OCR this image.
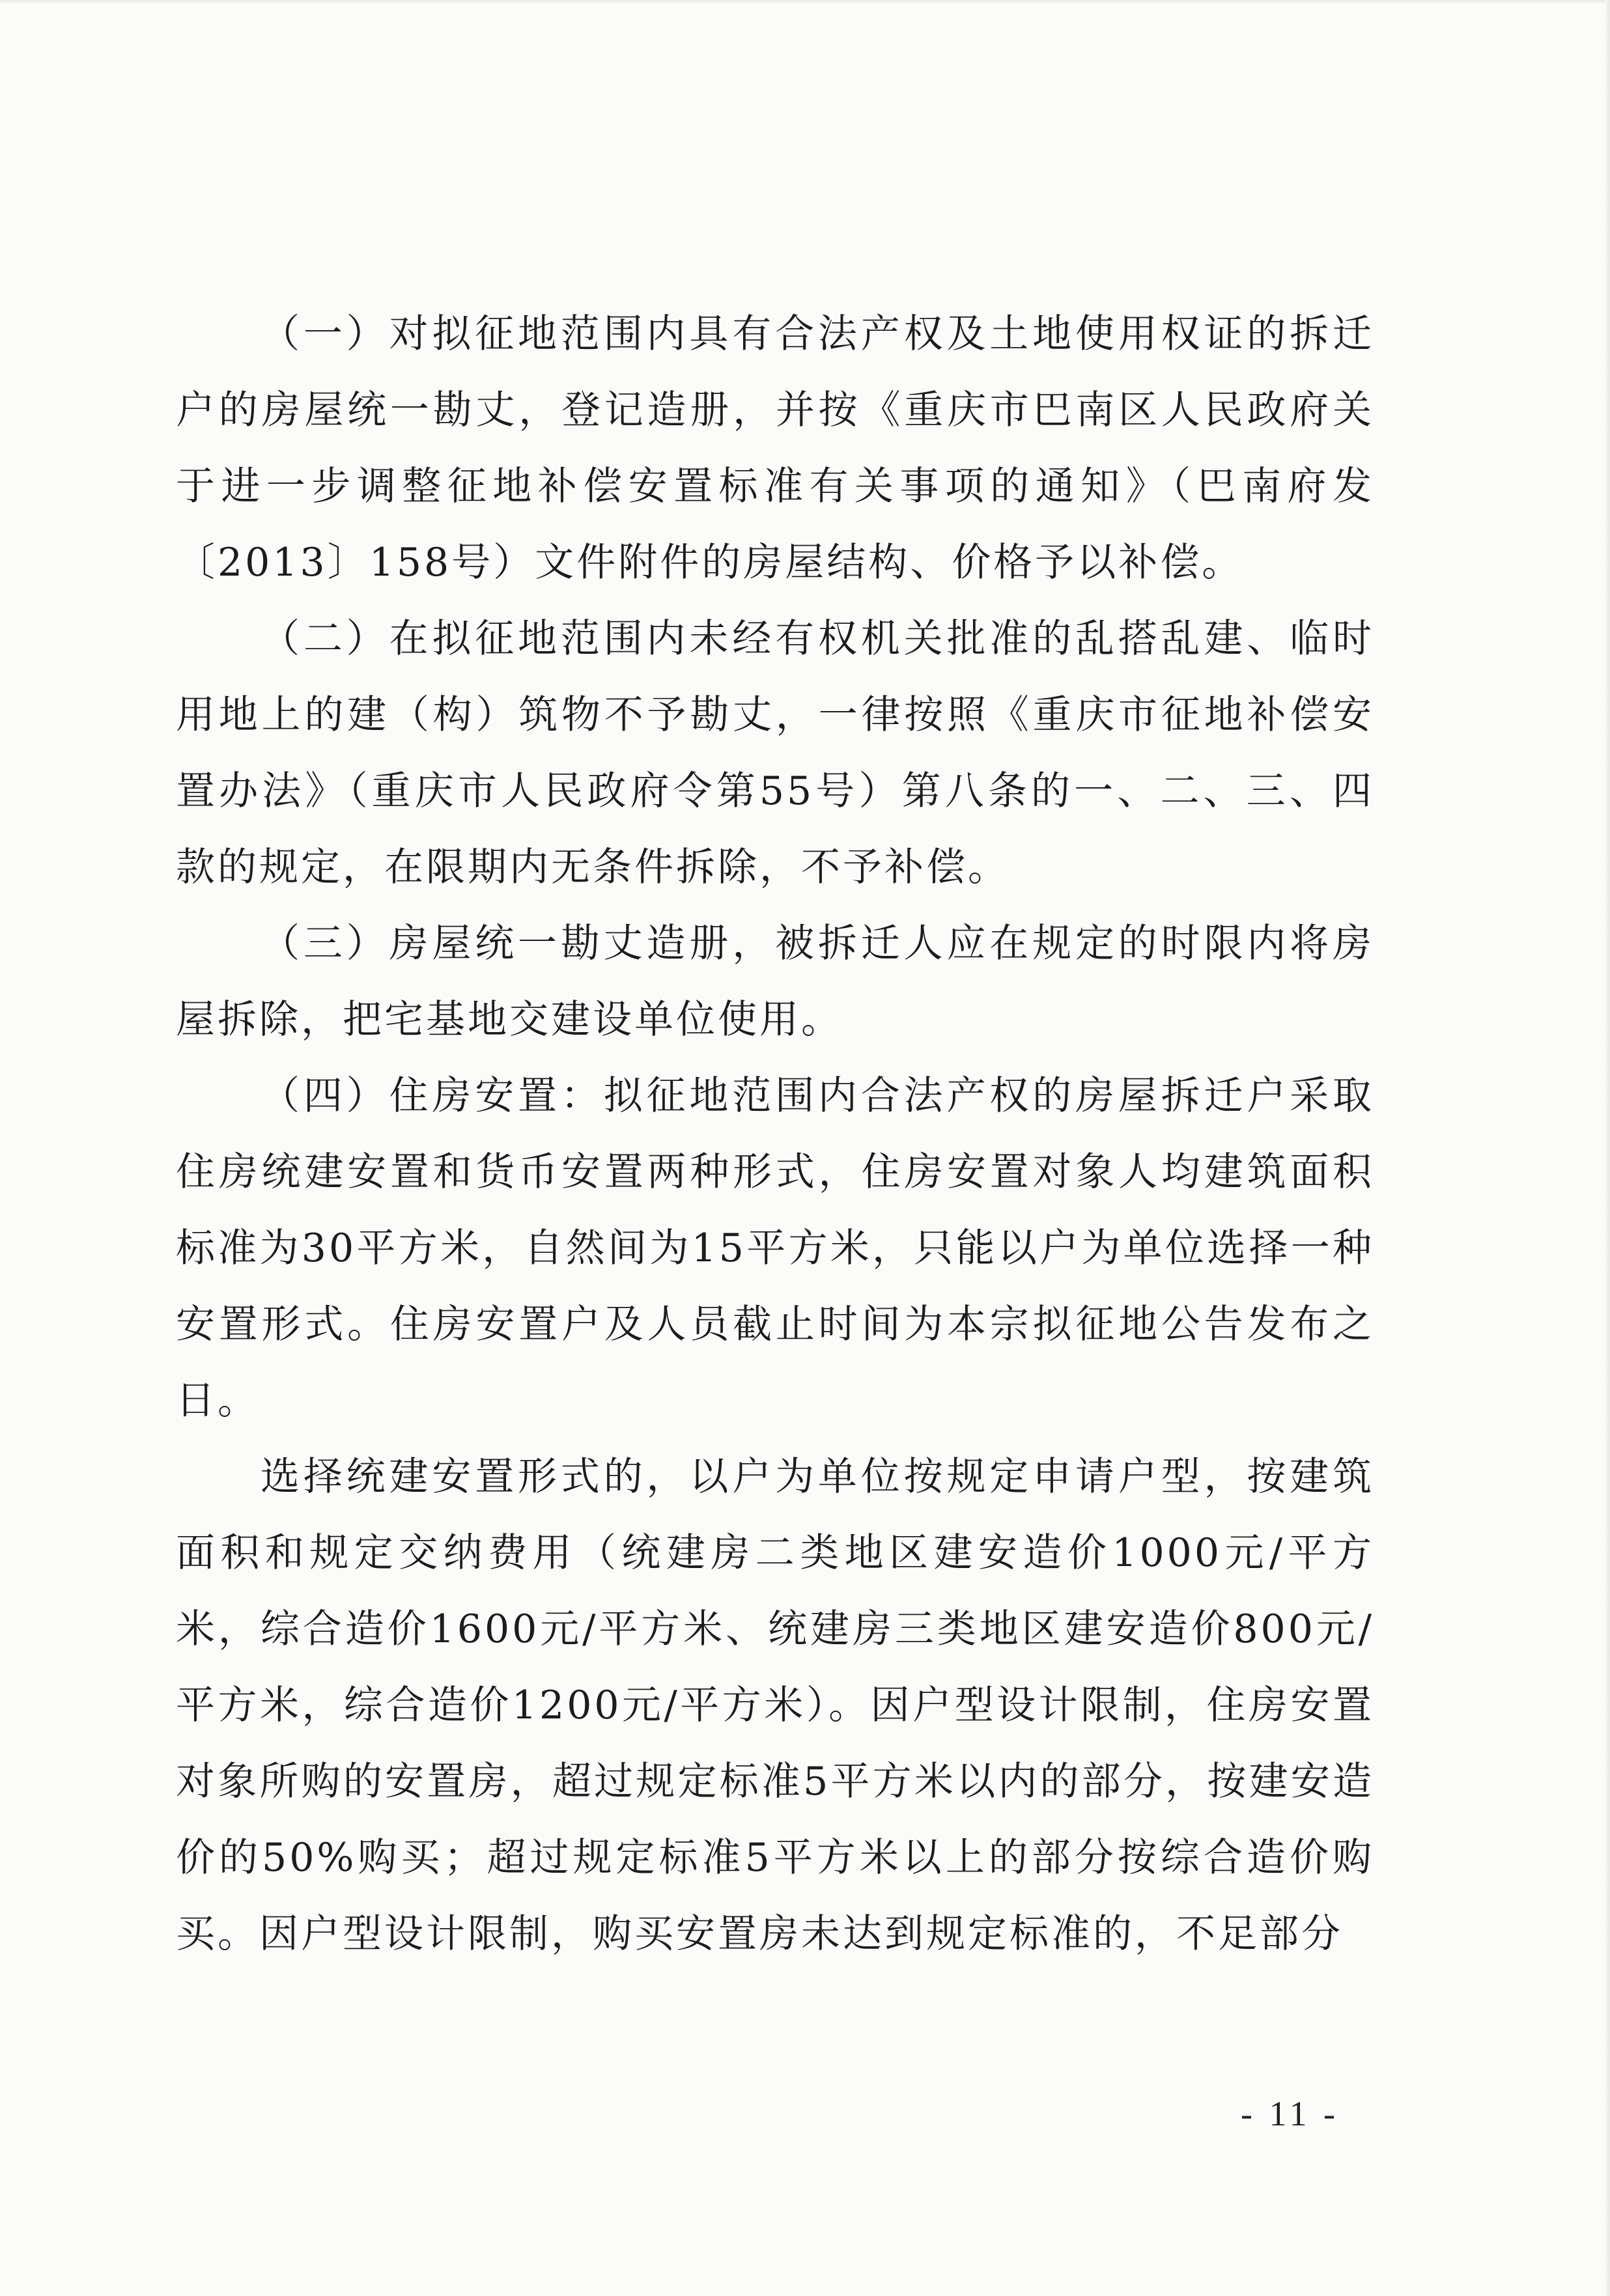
（一）对拟征地范围内具有合法产权及土地使用权证的拆迁户的房屋统一勘丈，登记造册，并按《重庆市巴南区人民政府关于进一步调整征地补偿安置标准有关事项的通知》（巴南府发〔2013〕158号）文件附件的房屋结构、价格予以补偿。

（二）在拟征地范围内未经有权机关批准的乱搭乱建、临时用地上的建（构）筑物不予勘丈，一律按照《重庆市征地补偿安置办法》（重庆市人民政府令第55号）第八条的一、二、三、四款的规定，在限期内无条件拆除，不予补偿。

（三）房屋统一勘丈造册，被拆迁人应在规定的时限内将房屋拆除，把宅基地交建设单位使用。

（四）住房安置：拟征地范围内合法产权的房屋拆迁户采取住房统建安置和货币安置两种形式，住房安置对象人均建筑面积标准为30平方米，自然间为15平方米，只能以户为单位选择一种安置形式。住房安置户及人员截止时间为本宗拟征地公告发布之日。

选择统建安置形式的，以户为单位按规定申请户型，按建筑面积和规定交纳费用（统建房二类地区建安造价1000元/平方米，综合造价1600元/平方米、统建房三类地区建安造价800元/平方米，综合造价1200元/平方米）。因户型设计限制，住房安置对象所购的安置房，超过规定标准5平方米以内的部分，按建安造价的50%购买；超过规定标准5平方米以上的部分按综合造价购买。因户型设计限制，购买安置房未达到规定标准的，不足部分

- 11 -
